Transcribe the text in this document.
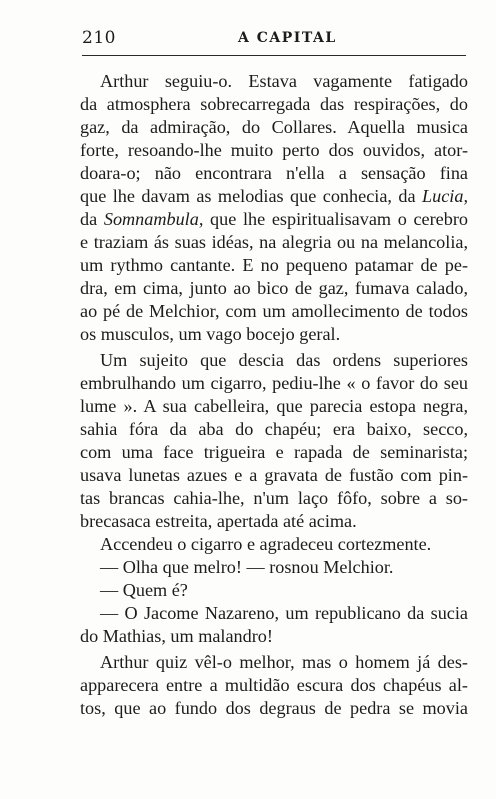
210	A CAPITAL
Arthur seguiu-o. Estava vagamente fatigado
da atmosphera sobrecarregada das respirações, do
gaz, da admiração, do Collares. Aquella musica
forte, resoando-lhe muito perto dos ouvidos, ator-
doara-o; não encontrara n'ella a sensação fina
que lhe davam as melodias que conhecia, da Lucia,
da Somnambula, que lhe espiritualisavam o cerebro
e traziam ás suas idéas, na alegria ou na melancolia,
um rythmo cantante. E no pequeno patamar de pe-
dra, em cima, junto ao bico de gaz, fumava calado,
ao pé de Melchior, com um amollecimento de todos
os musculos, um vago bocejo geral.
Um sujeito que descia das ordens superiores
embrulhando um cigarro, pediu-lhe « o favor do seu
lume ». A sua cabelleira, que parecia estopa negra,
sahia fóra da aba do chapéu; era baixo, secco,
com uma face trigueira e rapada de seminarista;
usava lunetas azues e a gravata de fustão com pin-
tas brancas cahia-lhe, n'um laço fôfo, sobre a so-
brecasaca estreita, apertada até acima.
Accendeu o cigarro e agradeceu cortezmente.
— Olha que melro! — rosnou Melchior.
— Quem é?
— O Jacome Nazareno, um republicano da sucia
do Mathias, um malandro!
Arthur quiz vêl-o melhor, mas o homem já des-
apparecera entre a multidão escura dos chapéus al-
tos, que ao fundo dos degraus de pedra se movia
